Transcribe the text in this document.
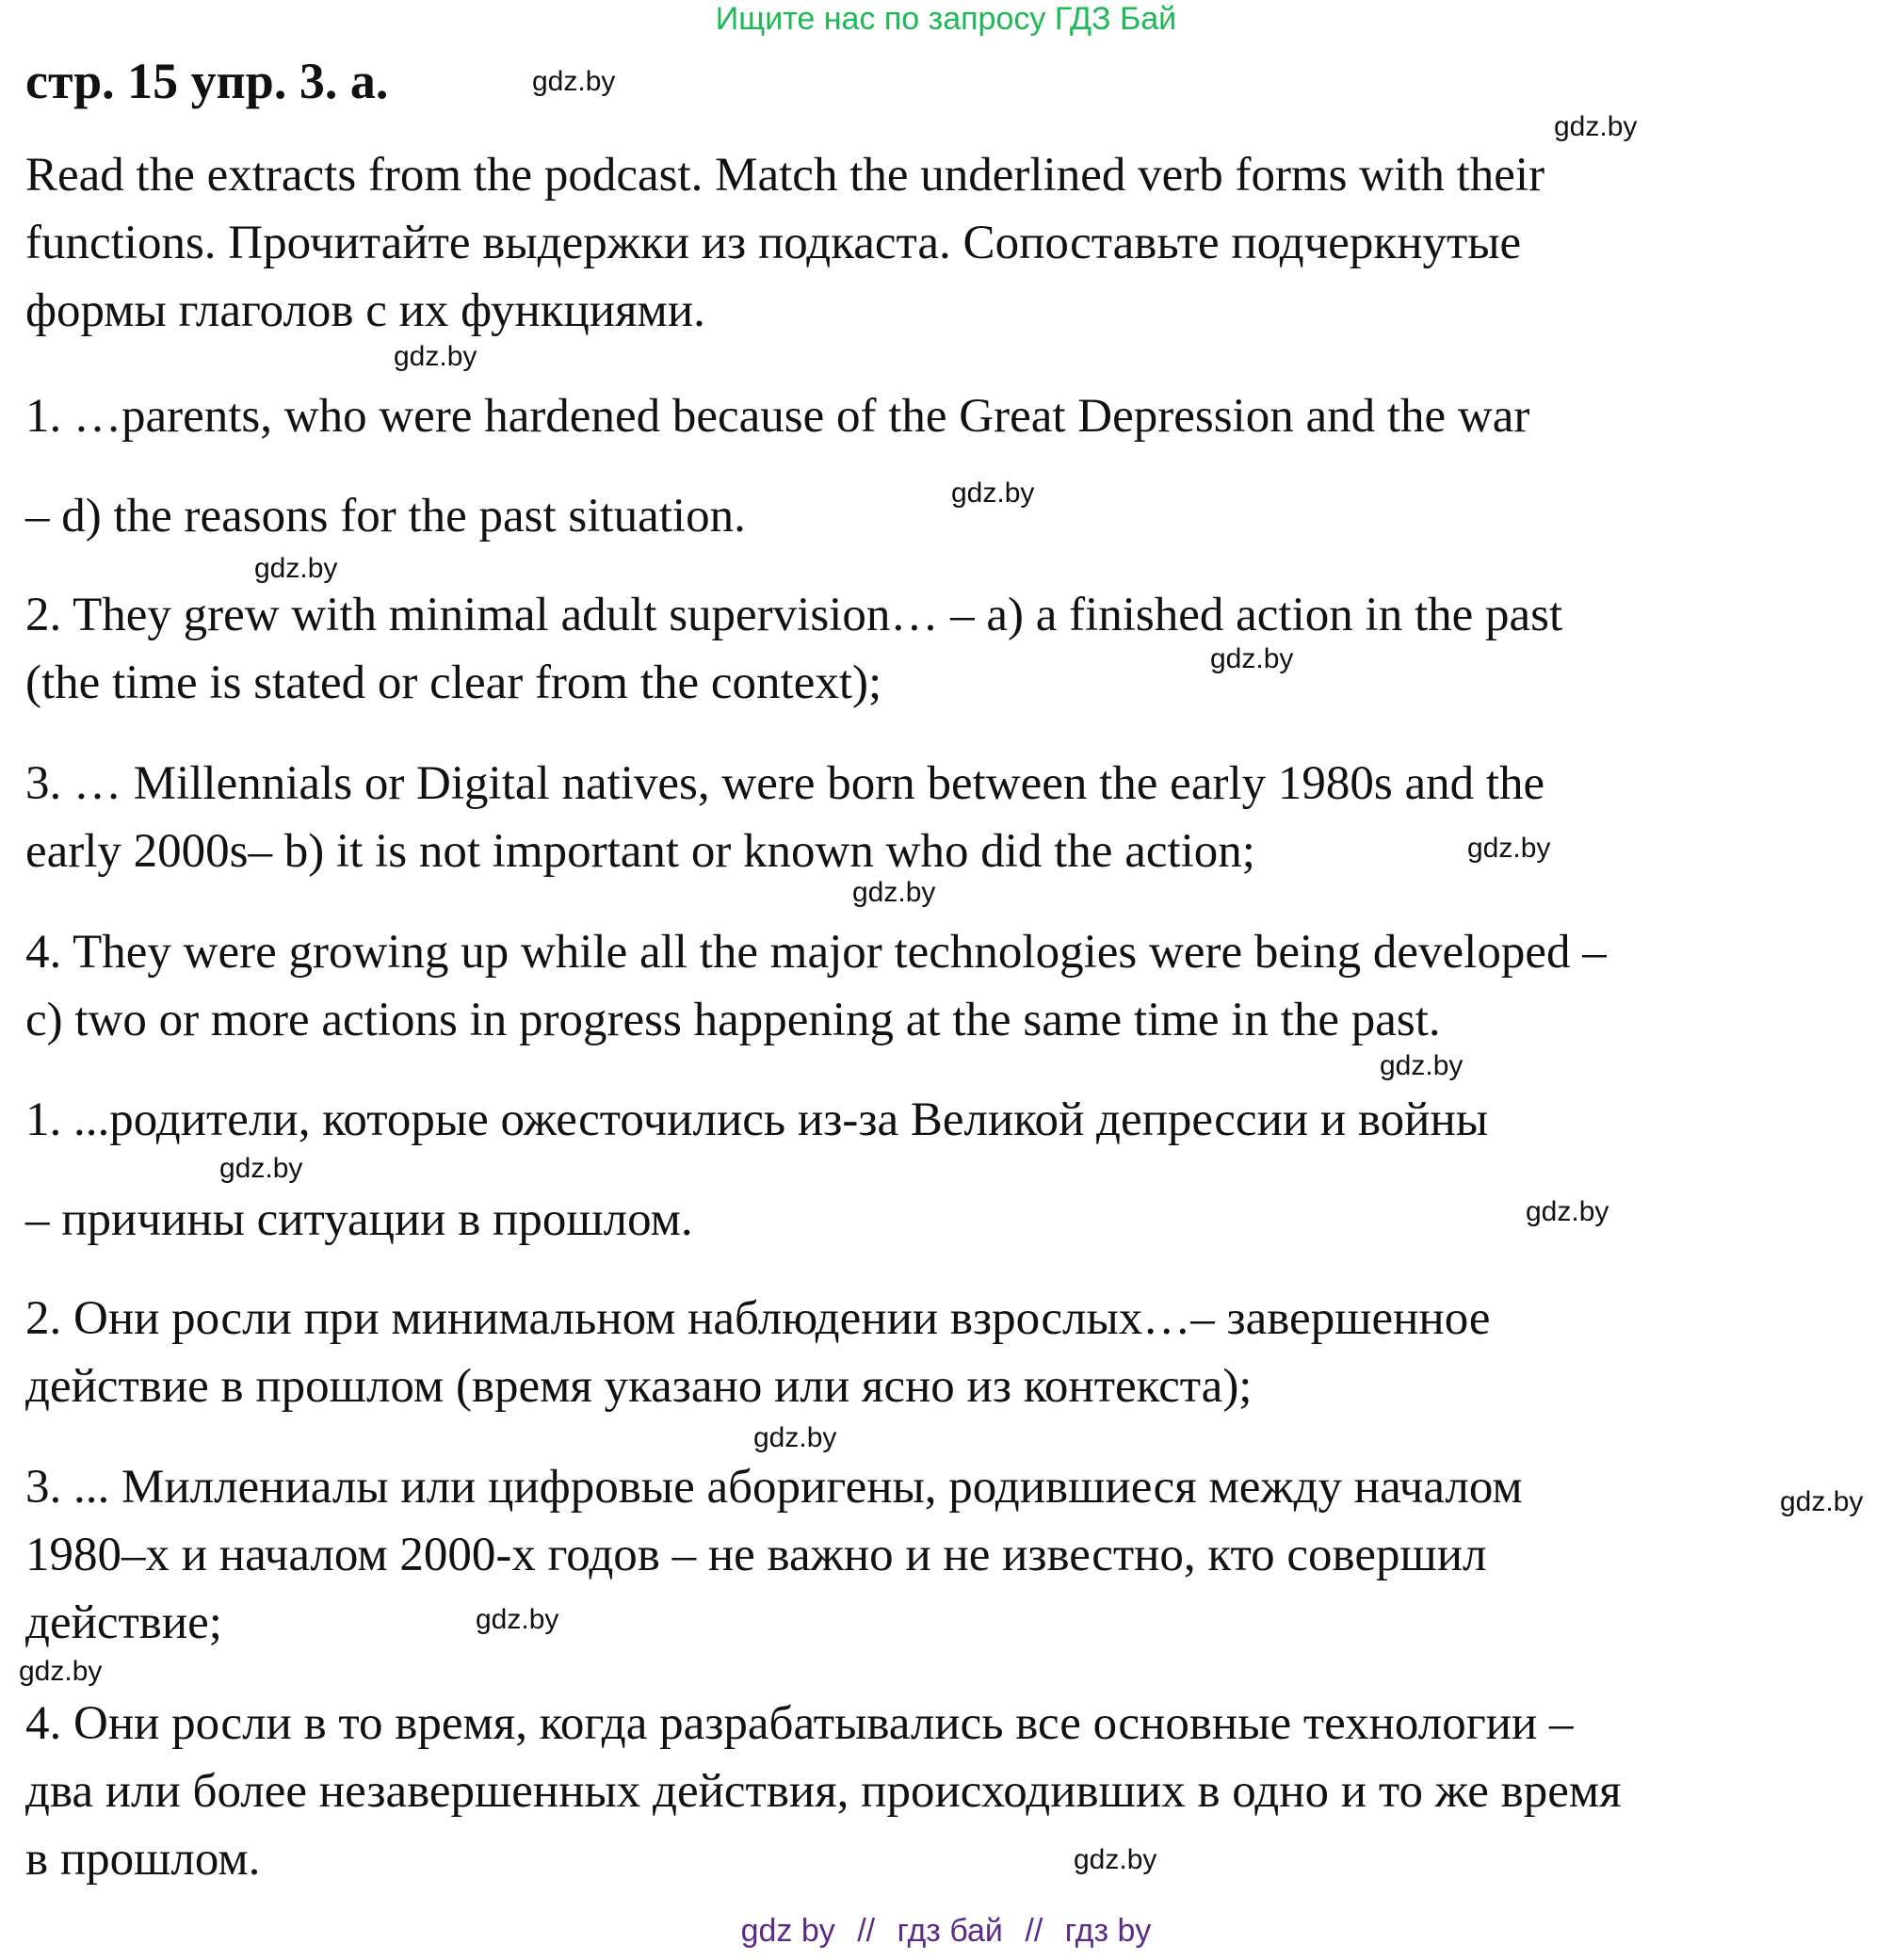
Ищите нас по запросу ГДЗ Бай
стр. 15 упр. 3. а.
Read the extracts from the podcast. Match the underlined verb forms with their
functions. Прочитайте выдержки из подкаста. Сопоставьте подчеркнутые
формы глаголов с их функциями.
1. …parents, who were hardened because of the Great Depression and the war
– d) the reasons for the past situation.
2. They grew with minimal adult supervision… – a) a finished action in the past
(the time is stated or clear from the context);
3. … Millennials or Digital natives, were born between the early 1980s and the
early 2000s– b) it is not important or known who did the action;
4. They were growing up while all the major technologies were being developed –
c) two or more actions in progress happening at the same time in the past.
1. ...родители, которые ожесточились из-за Великой депрессии и войны
– причины ситуации в прошлом.
2. Они росли при минимальном наблюдении взрослых…– завершенное
действие в прошлом (время указано или ясно из контекста);
3. ... Миллениалы или цифровые аборигены, родившиеся между началом
1980–х и началом 2000-х годов – не важно и не известно, кто совершил
действие;
4. Они росли в то время, когда разрабатывались все основные технологии –
два или более незавершенных действия, происходивших в одно и то же время
в прошлом.
gdz.by
gdz.by
gdz.by
gdz.by
gdz.by
gdz.by
gdz.by
gdz.by
gdz.by
gdz.by
gdz.by
gdz.by
gdz.by
gdz.by
gdz.by
gdz.by
gdz by // гдз бай // гдз by
